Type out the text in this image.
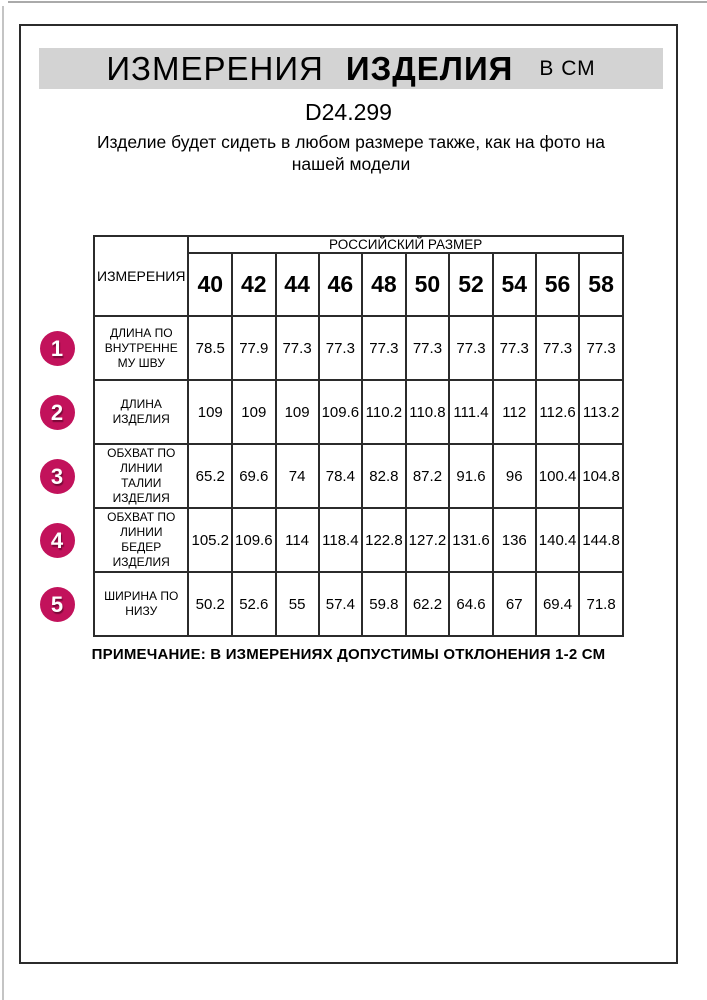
ИЗМЕРЕНИЯ ИЗДЕЛИЯ В СМ
D24.299
Изделие будет сидеть в любом размере также, как на фото на нашей модели
	ИЗМЕРЕНИЯ	РОССИЙСКИЙ РАЗМЕР									
		40	42	44	46	48	50	52	54	56	58
1	ДЛИНА ПО ВНУТРЕННЕМУ ШВУ	78.5	77.9	77.3	77.3	77.3	77.3	77.3	77.3	77.3	77.3
2	ДЛИНА ИЗДЕЛИЯ	109	109	109	109.6	110.2	110.8	111.4	112	112.6	113.2
3	ОБХВАТ ПО ЛИНИИ ТАЛИИ ИЗДЕЛИЯ	65.2	69.6	74	78.4	82.8	87.2	91.6	96	100.4	104.8
4	ОБХВАТ ПО ЛИНИИ БЕДЕР ИЗДЕЛИЯ	105.2	109.6	114	118.4	122.8	127.2	131.6	136	140.4	144.8
5	ШИРИНА ПО НИЗУ	50.2	52.6	55	57.4	59.8	62.2	64.6	67	69.4	71.8
ПРИМЕЧАНИЕ: В ИЗМЕРЕНИЯХ ДОПУСТИМЫ ОТКЛОНЕНИЯ 1-2 СМ
